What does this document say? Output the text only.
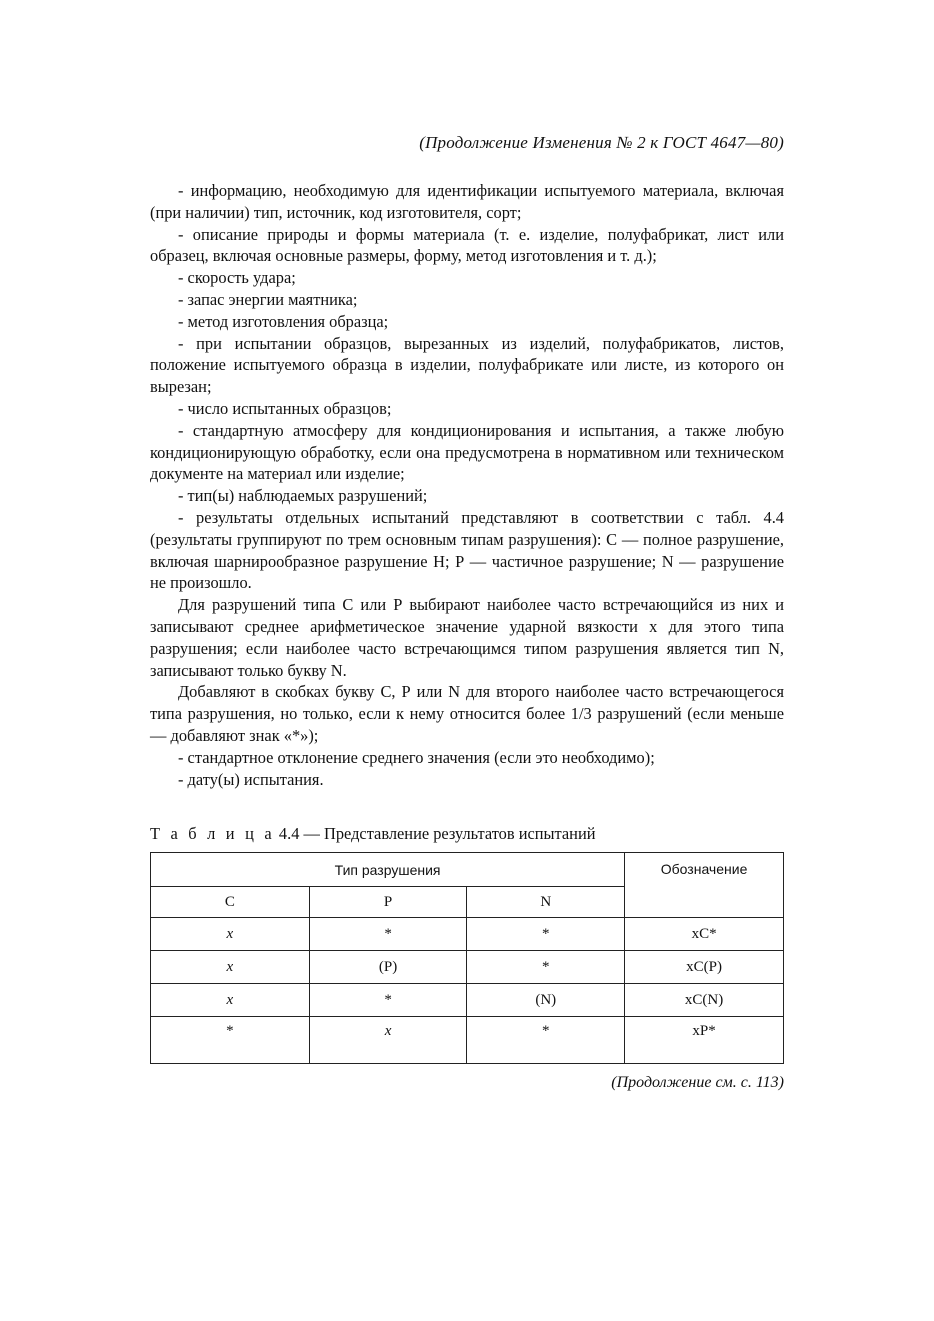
(Продолжение Изменения № 2 к ГОСТ 4647—80)

- информацию, необходимую для идентификации испытуемого материала, включая (при наличии) тип, источник, код изготовителя, сорт;

- описание природы и формы материала (т. е. изделие, полуфабрикат, лист или образец, включая основные размеры, форму, метод изготовления и т. д.);

- скорость удара;

- запас энергии маятника;

- метод изготовления образца;

- при испытании образцов, вырезанных из изделий, полуфабрикатов, листов, положение испытуемого образца в изделии, полуфабрикате или листе, из которого он вырезан;

- число испытанных образцов;

- стандартную атмосферу для кондиционирования и испытания, а также любую кондиционирующую обработку, если она предусмотрена в нормативном или техническом документе на материал или изделие;

- тип(ы) наблюдаемых разрушений;

- результаты отдельных испытаний представляют в соответствии с табл. 4.4 (результаты группируют по трем основным типам разрушения): С — полное разрушение, включая шарнирообразное разрушение Н; Р — частичное разрушение; N — разрушение не произошло.

Для разрушений типа С или Р выбирают наиболее часто встречающийся из них и записывают среднее арифметическое значение ударной вязкости x для этого типа разрушения; если наиболее часто встречающимся типом разрушения является тип N, записывают только букву N.

Добавляют в скобках букву С, Р или N для второго наиболее часто встречающегося типа разрушения, но только, если к нему относится более 1/3 разрушений (если меньше — добавляют знак «*»);

- стандартное отклонение среднего значения (если это необходимо);

- дату(ы) испытания.

Т а б л и ц а 4.4 — Представление результатов испытаний
Тип разрушения			Обозначение
C	P	N	
x	*	*	xC*
x	(P)	*	xC(P)
x	*	(N)	xC(N)
*	x	*	xP*
(Продолжение см. с. 113)
